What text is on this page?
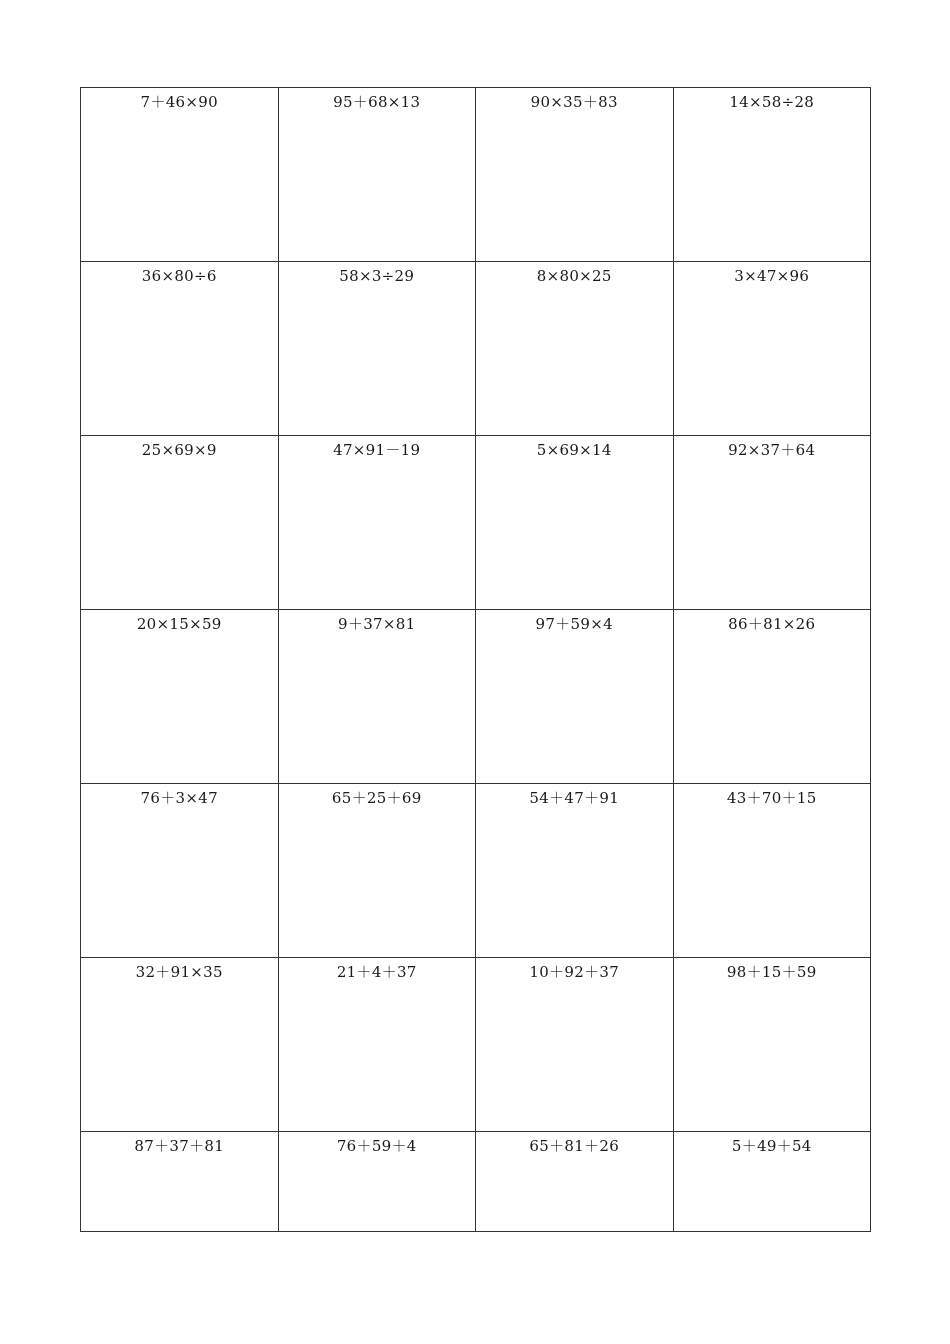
7＋46×90	95＋68×13	90×35＋83	14×58÷28

36×80÷6	58×3÷29	8×80×25	3×47×96

25×69×9	47×91－19	5×69×14	92×37＋64

20×15×59	9＋37×81	97＋59×4	86＋81×26

76＋3×47	65＋25＋69	54＋47＋91	43＋70＋15

32＋91×35	21＋4＋37	10＋92＋37	98＋15＋59

87＋37＋81	76＋59＋4	65＋81＋26	5＋49＋54
